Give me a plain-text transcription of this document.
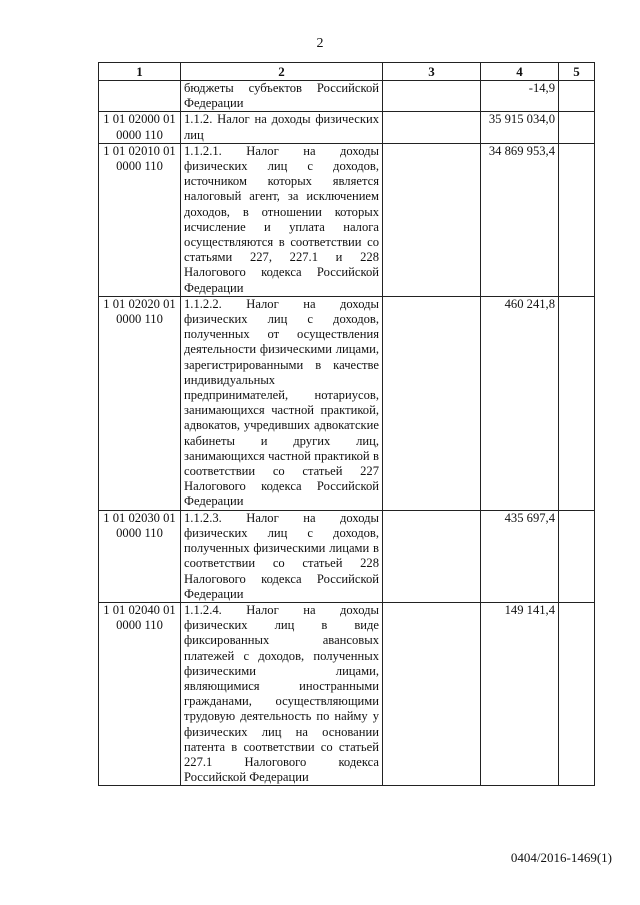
2
1	2	3	4	5
	бюджеты субъектов Российской Федерации		-14,9	
1 01 02000 01 0000 110	1.1.2. Налог на доходы физических лиц		35 915 034,0	
1 01 02010 01 0000 110	1.1.2.1. Налог на доходы физических лиц с доходов, источником которых является налоговый агент, за исключением доходов, в отношении которых исчисление и уплата налога осуществляются в соответствии со статьями 227, 227.1 и 228 Налогового кодекса Российской Федерации		34 869 953,4	
1 01 02020 01 0000 110	1.1.2.2. Налог на доходы физических лиц с доходов, полученных от осуществления деятельности физическими лицами, зарегистрированными в качестве индивидуальных предпринимателей, нотариусов, занимающихся частной практикой, адвокатов, учредивших адвокатские кабинеты и других лиц, занимающихся частной практикой в соответствии со статьей 227 Налогового кодекса Российской Федерации		460 241,8	
1 01 02030 01 0000 110	1.1.2.3. Налог на доходы физических лиц с доходов, полученных физическими лицами в соответствии со статьей 228 Налогового кодекса Российской Федерации		435 697,4	
1 01 02040 01 0000 110	1.1.2.4. Налог на доходы физических лиц в виде фиксированных авансовых платежей с доходов, полученных физическими лицами, являющимися иностранными гражданами, осуществляющими трудовую деятельность по найму у физических лиц на основании патента в соответствии со статьей 227.1 Налогового кодекса Российской Федерации		149 141,4	
0404/2016-1469(1)
